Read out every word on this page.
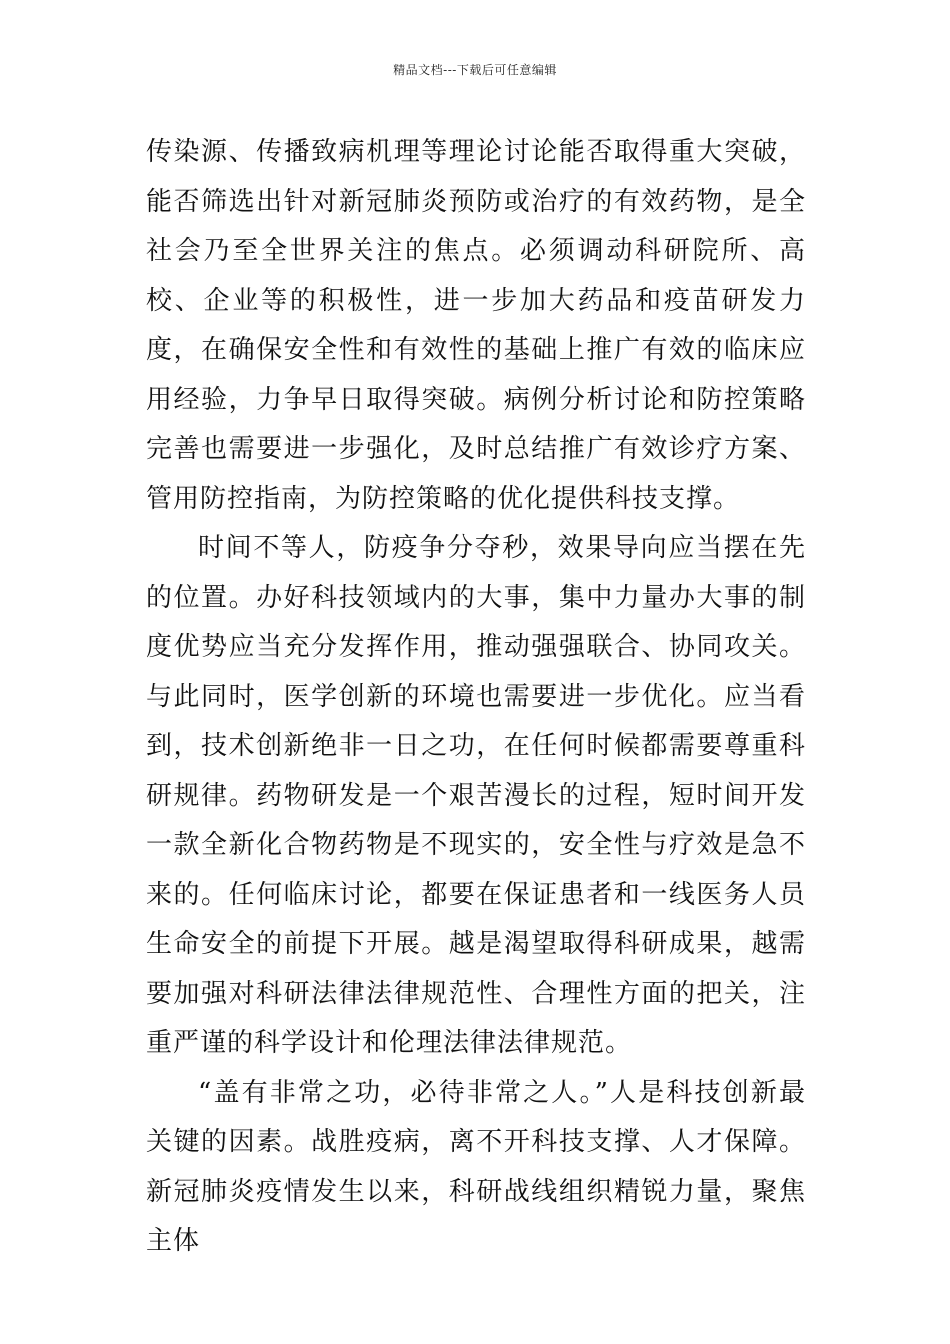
精品文档---下载后可任意编辑

传染源、传播致病机理等理论讨论能否取得重大突破，能否筛选出针对新冠肺炎预防或治疗的有效药物，是全社会乃至全世界关注的焦点。必须调动科研院所、高校、企业等的积极性，进一步加大药品和疫苗研发力度，在确保安全性和有效性的基础上推广有效的临床应用经验，力争早日取得突破。病例分析讨论和防控策略完善也需要进一步强化，及时总结推广有效诊疗方案、管用防控指南，为防控策略的优化提供科技支撑。

时间不等人，防疫争分夺秒，效果导向应当摆在先的位置。办好科技领域内的大事，集中力量办大事的制度优势应当充分发挥作用，推动强强联合、协同攻关。与此同时，医学创新的环境也需要进一步优化。应当看到，技术创新绝非一日之功，在任何时候都需要尊重科研规律。药物研发是一个艰苦漫长的过程，短时间开发一款全新化合物药物是不现实的，安全性与疗效是急不来的。任何临床讨论，都要在保证患者和一线医务人员生命安全的前提下开展。越是渴望取得科研成果，越需要加强对科研法律法律规范性、合理性方面的把关，注重严谨的科学设计和伦理法律法律规范。

“盖有非常之功，必待非常之人。”人是科技创新最关键的因素。战胜疫病，离不开科技支撑、人才保障。新冠肺炎疫情发生以来，科研战线组织精锐力量，聚焦主体
